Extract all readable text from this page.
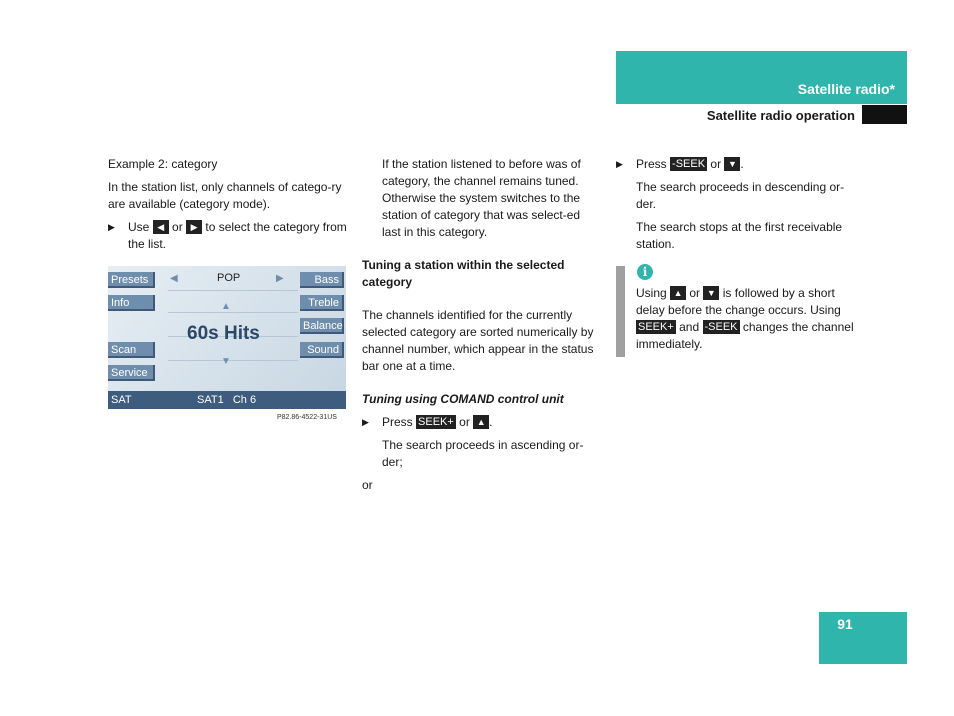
Satellite radio*
Satellite radio operation

Example 2: category

In the station list, only channels of catego-ry are available (category mode).

▶ Use ◀ or ▶ to select the category from the list.

Presets
Info
Scan
Service
Bass
Treble
Balance
Sound
◀	POP	▶
▲
60s Hits
▼
SAT	SAT1   Ch 6
P82.86-4522-31US
If the station listened to before was of category, the channel remains tuned.
Otherwise the system switches to the station of category that was select-ed last in this category.

Tuning a station within the selected category

The channels identified for the currently selected category are sorted numerically by channel number, which appear in the status bar one at a time.

Tuning using COMAND control unit

▶ Press SEEK+ or ▲ .

The search proceeds in ascending or-der;

or

▶ Press -SEEK or ▼ .

The search proceeds in descending or-der.

The search stops at the first receivable station.

i
Using ▲ or ▼ is followed by a short delay before the change occurs. Using SEEK+ and -SEEK changes the channel immediately.
91
